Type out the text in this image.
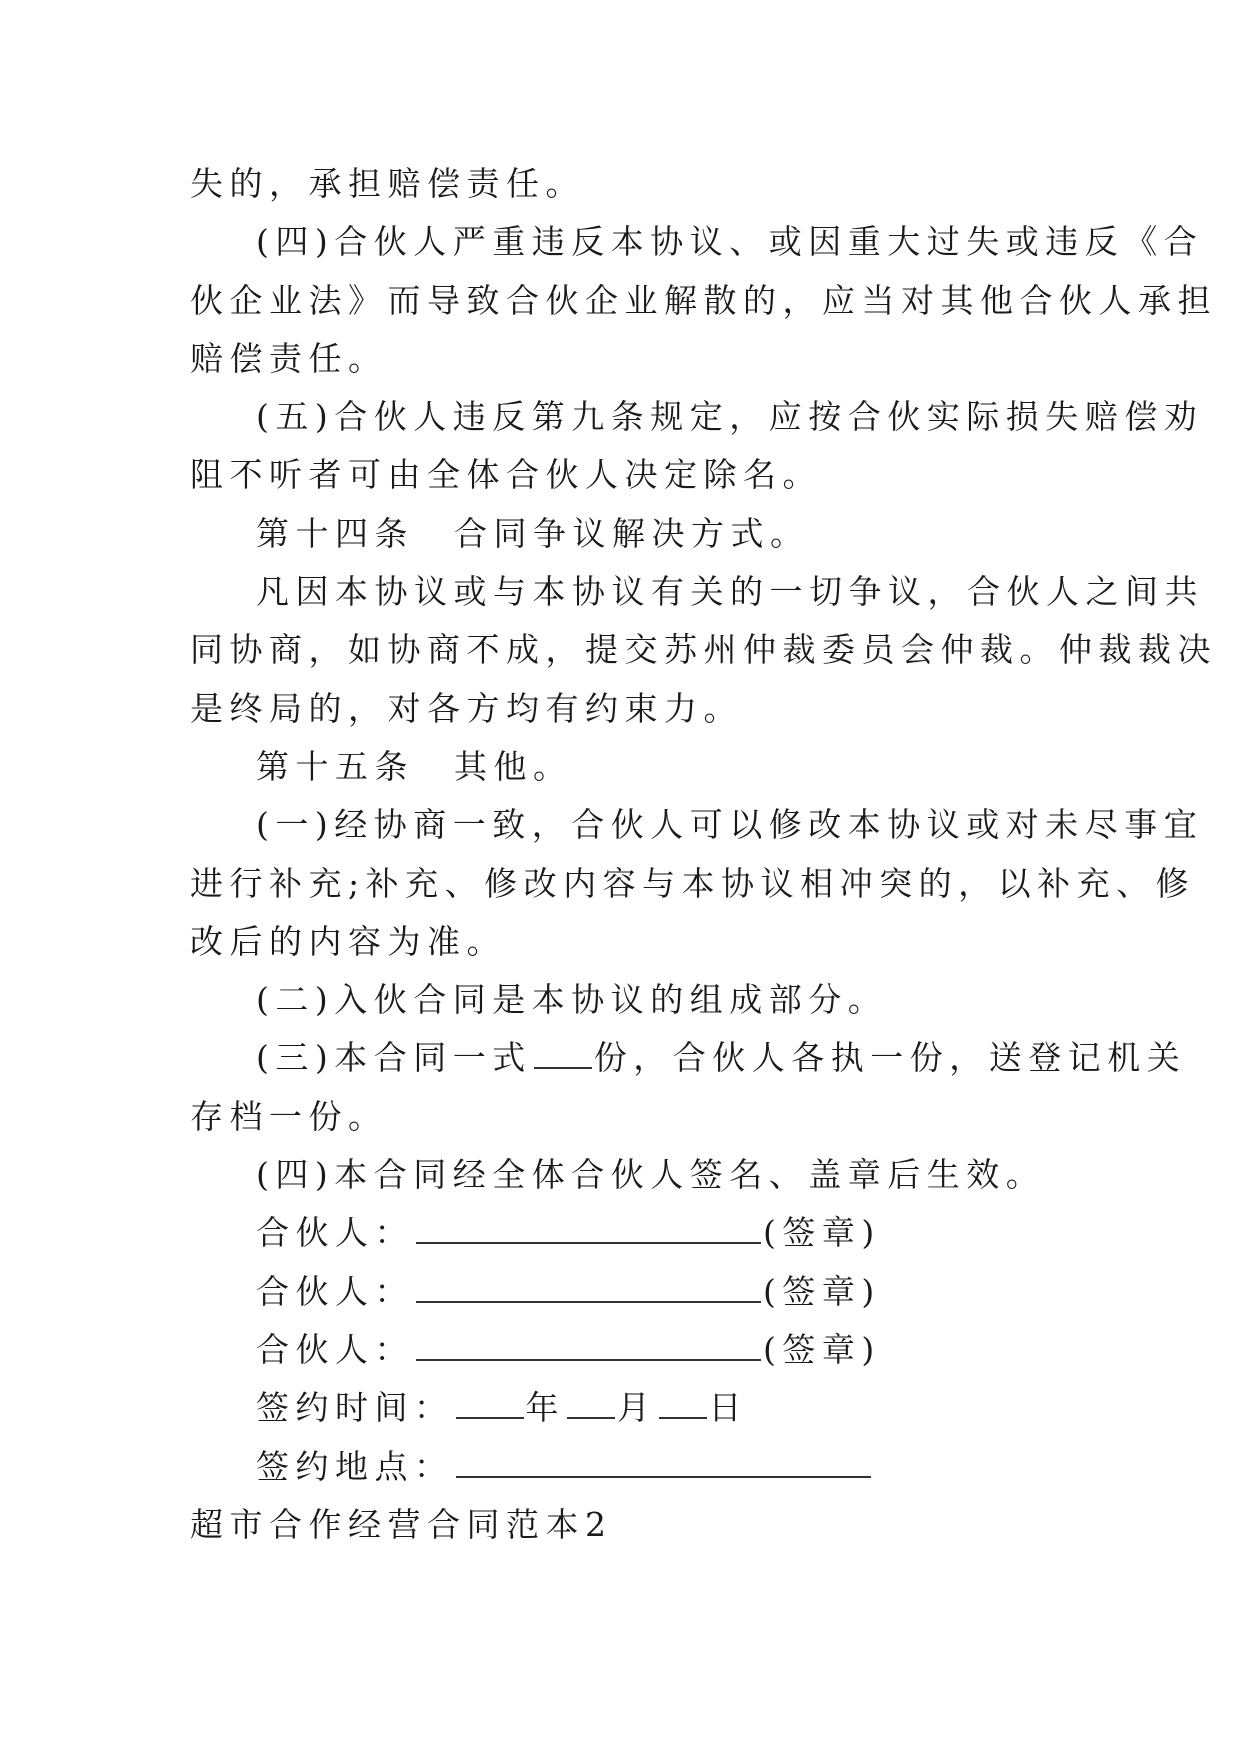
失的，承担赔偿责任。
(四)合伙人严重违反本协议、或因重大过失或违反《合
伙企业法》而导致合伙企业解散的，应当对其他合伙人承担
赔偿责任。
(五)合伙人违反第九条规定，应按合伙实际损失赔偿劝
阻不听者可由全体合伙人决定除名。
第十四条 合同争议解决方式。
凡因本协议或与本协议有关的一切争议，合伙人之间共
同协商，如协商不成，提交苏州仲裁委员会仲裁。仲裁裁决
是终局的，对各方均有约束力。
第十五条 其他。
(一)经协商一致，合伙人可以修改本协议或对未尽事宜
进行补充;补充、修改内容与本协议相冲突的，以补充、修
改后的内容为准。
(二)入伙合同是本协议的组成部分。
(三)本合同一式 份，合伙人各执一份，送登记机关
存档一份。
(四)本合同经全体合伙人签名、盖章后生效。
合伙人：	(签章)
合伙人：	(签章)
合伙人：	(签章)
签约时间： 年 月 日
签约地点：
超市合作经营合同范本2
